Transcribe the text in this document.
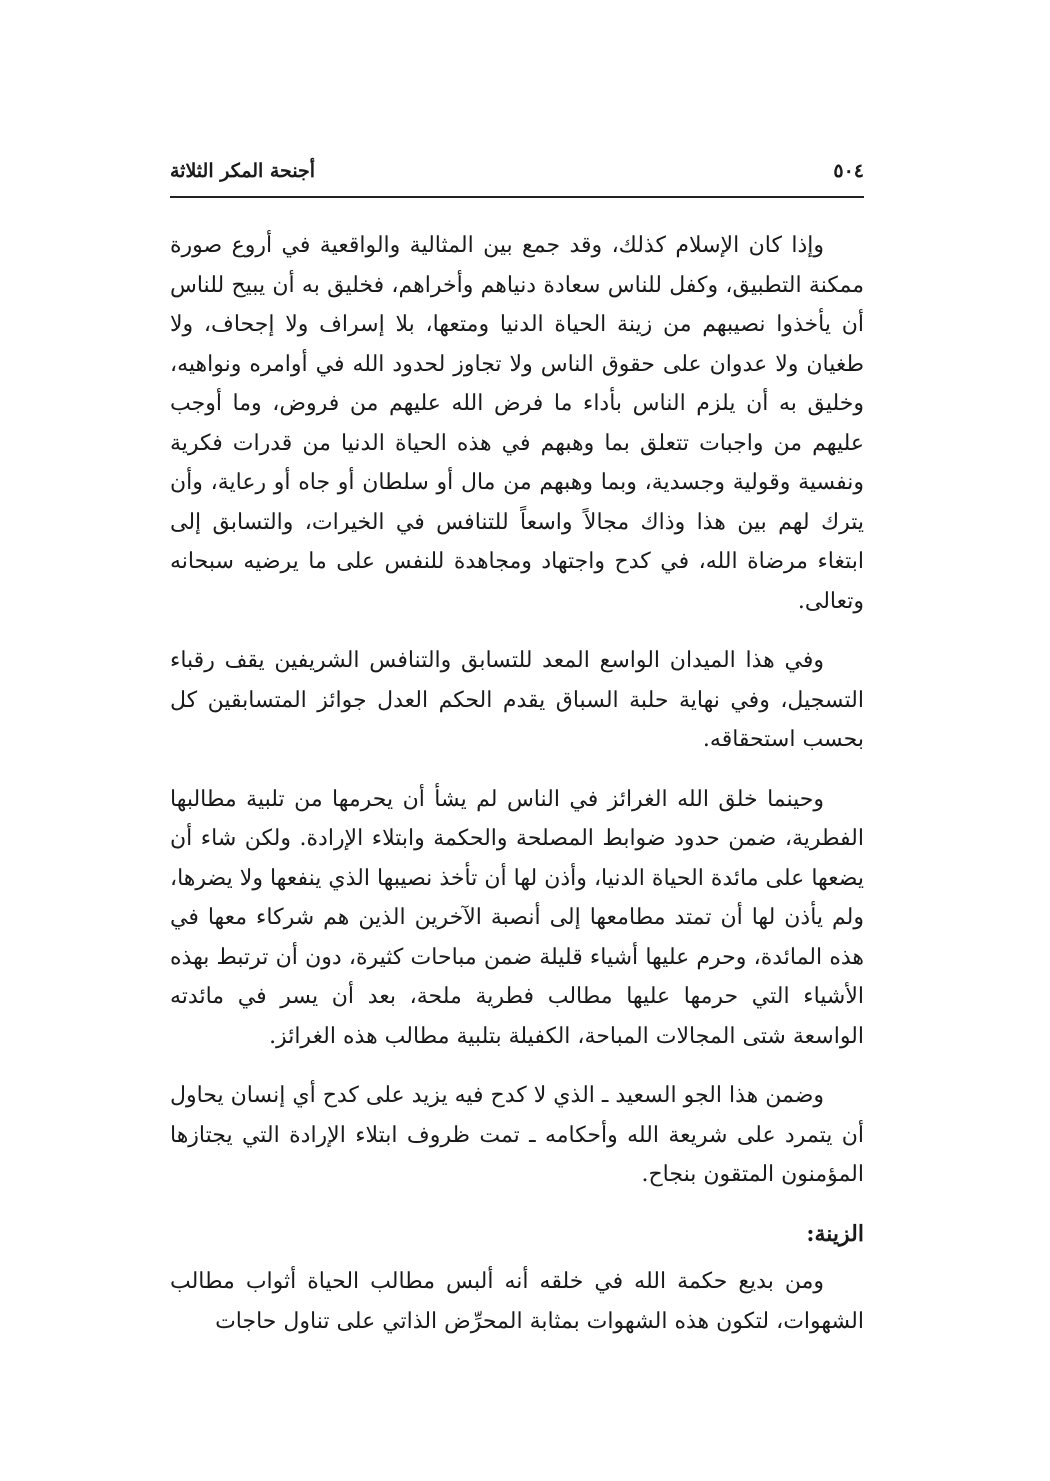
٥٠٤
أجنحة المكر الثلاثة

وإذا كان الإسلام كذلك، وقد جمع بين المثالية والواقعية في أروع صورة ممكنة التطبيق، وكفل للناس سعادة دنياهم وأخراهم، فخليق به أن يبيح للناس أن يأخذوا نصيبهم من زينة الحياة الدنيا ومتعها، بلا إسراف ولا إجحاف، ولا طغيان ولا عدوان على حقوق الناس ولا تجاوز لحدود الله في أوامره ونواهيه، وخليق به أن يلزم الناس بأداء ما فرض الله عليهم من فروض، وما أوجب عليهم من واجبات تتعلق بما وهبهم في هذه الحياة الدنيا من قدرات فكرية ونفسية وقولية وجسدية، وبما وهبهم من مال أو سلطان أو جاه أو رعاية، وأن يترك لهم بين هذا وذاك مجالاً واسعاً للتنافس في الخيرات، والتسابق إلى ابتغاء مرضاة الله، في كدح واجتهاد ومجاهدة للنفس على ما يرضيه سبحانه وتعالى.

وفي هذا الميدان الواسع المعد للتسابق والتنافس الشريفين يقف رقباء التسجيل، وفي نهاية حلبة السباق يقدم الحكم العدل جوائز المتسابقين كل بحسب استحقاقه.

وحينما خلق الله الغرائز في الناس لم يشأ أن يحرمها من تلبية مطالبها الفطرية، ضمن حدود ضوابط المصلحة والحكمة وابتلاء الإرادة. ولكن شاء أن يضعها على مائدة الحياة الدنيا، وأذن لها أن تأخذ نصيبها الذي ينفعها ولا يضرها، ولم يأذن لها أن تمتد مطامعها إلى أنصبة الآخرين الذين هم شركاء معها في هذه المائدة، وحرم عليها أشياء قليلة ضمن مباحات كثيرة، دون أن ترتبط بهذه الأشياء التي حرمها عليها مطالب فطرية ملحة، بعد أن يسر في مائدته الواسعة شتى المجالات المباحة، الكفيلة بتلبية مطالب هذه الغرائز.

وضمن هذا الجو السعيد ـ الذي لا كدح فيه يزيد على كدح أي إنسان يحاول أن يتمرد على شريعة الله وأحكامه ـ تمت ظروف ابتلاء الإرادة التي يجتازها المؤمنون المتقون بنجاح.

الزينة:

ومن بديع حكمة الله في خلقه أنه ألبس مطالب الحياة أثواب مطالب الشهوات، لتكون هذه الشهوات بمثابة المحرِّض الذاتي على تناول حاجات
